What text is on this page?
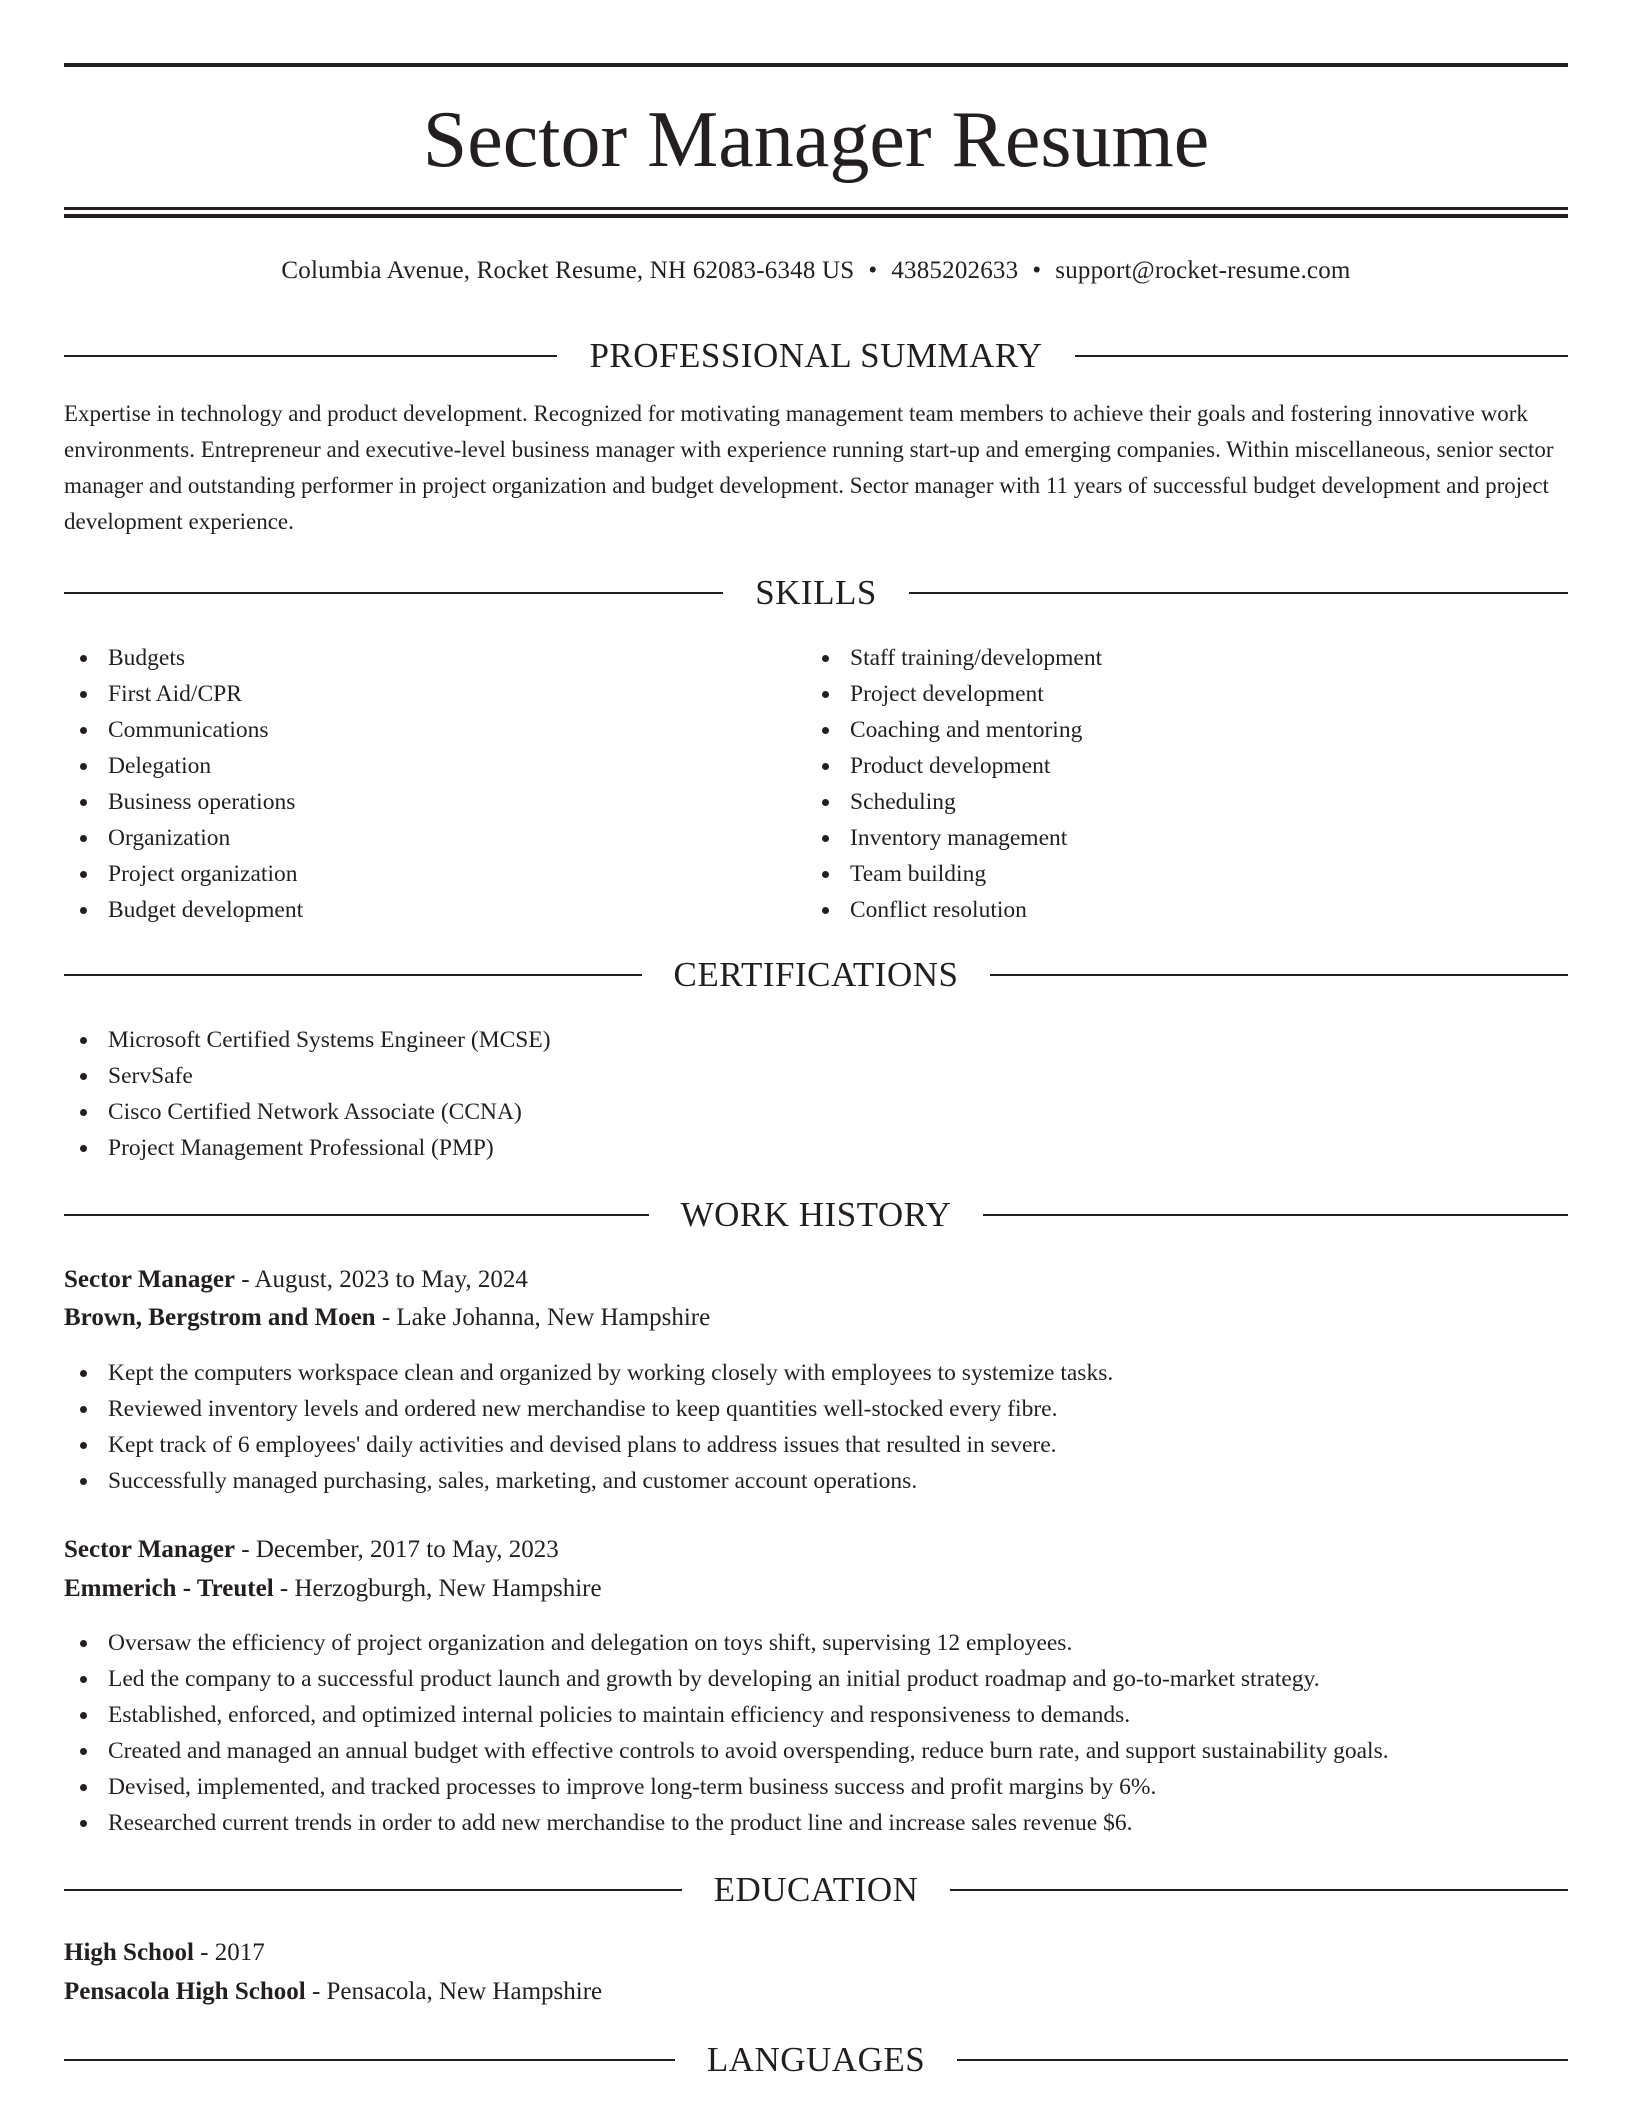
Sector Manager Resume
Columbia Avenue, Rocket Resume, NH 62083-6348 US • 4385202633 • support@rocket-resume.com
PROFESSIONAL SUMMARY

Expertise in technology and product development. Recognized for motivating management team members to achieve their goals and fostering innovative work environments. Entrepreneur and executive-level business manager with experience running start-up and emerging companies. Within miscellaneous, senior sector manager and outstanding performer in project organization and budget development. Sector manager with 11 years of successful budget development and project development experience.

SKILLS
Budgets
First Aid/CPR
Communications
Delegation
Business operations
Organization
Project organization
Budget development
Staff training/development
Project development
Coaching and mentoring
Product development
Scheduling
Inventory management
Team building
Conflict resolution
CERTIFICATIONS
Microsoft Certified Systems Engineer (MCSE)
ServSafe
Cisco Certified Network Associate (CCNA)
Project Management Professional (PMP)
WORK HISTORY
Sector Manager - August, 2023 to May, 2024
Brown, Bergstrom and Moen - Lake Johanna, New Hampshire
Kept the computers workspace clean and organized by working closely with employees to systemize tasks.
Reviewed inventory levels and ordered new merchandise to keep quantities well-stocked every fibre.
Kept track of 6 employees' daily activities and devised plans to address issues that resulted in severe.
Successfully managed purchasing, sales, marketing, and customer account operations.
Sector Manager - December, 2017 to May, 2023
Emmerich - Treutel - Herzogburgh, New Hampshire
Oversaw the efficiency of project organization and delegation on toys shift, supervising 12 employees.
Led the company to a successful product launch and growth by developing an initial product roadmap and go-to-market strategy.
Established, enforced, and optimized internal policies to maintain efficiency and responsiveness to demands.
Created and managed an annual budget with effective controls to avoid overspending, reduce burn rate, and support sustainability goals.
Devised, implemented, and tracked processes to improve long-term business success and profit margins by 6%.
Researched current trends in order to add new merchandise to the product line and increase sales revenue $6.
EDUCATION
High School - 2017
Pensacola High School - Pensacola, New Hampshire
LANGUAGES
